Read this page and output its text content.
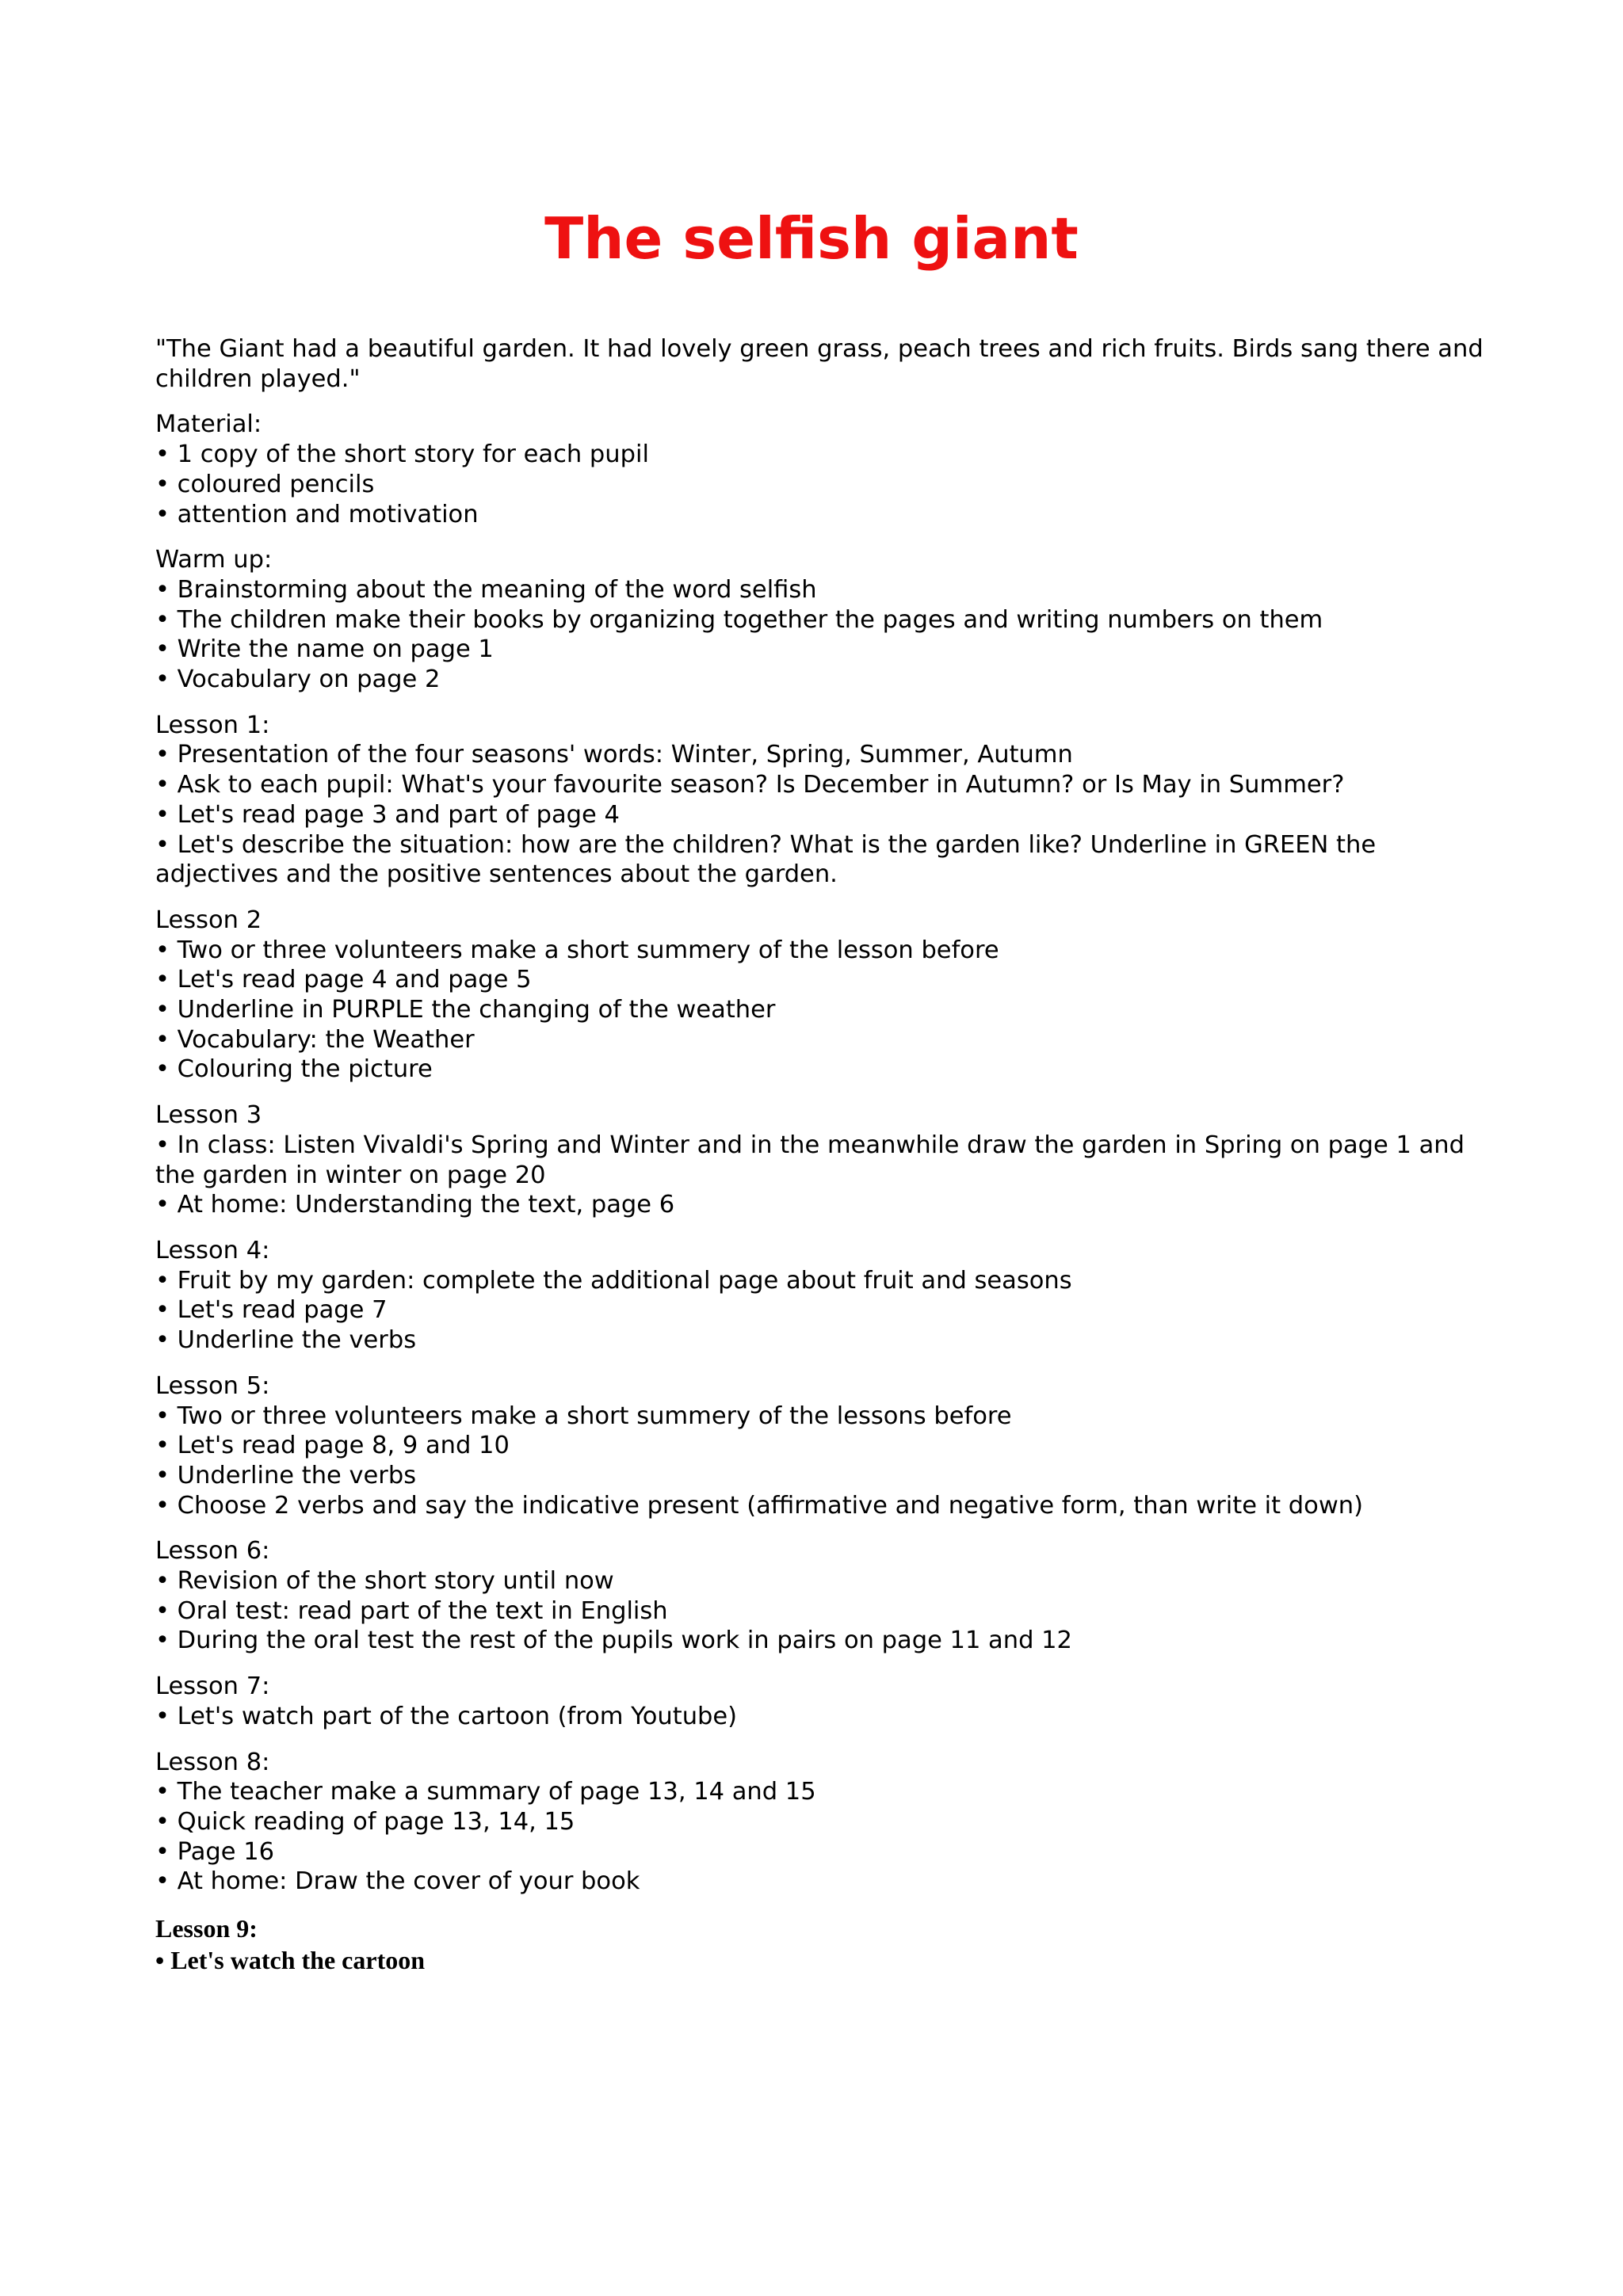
The selfish giant

"The Giant had a beautiful garden. It had lovely green grass, peach trees and rich fruits. Birds sang there and children played."

Material:
• 1 copy of the short story for each pupil
• coloured pencils
• attention and motivation
Warm up:
• Brainstorming about the meaning of the word selfish
• The children make their books by organizing together the pages and writing numbers on them
• Write the name on page 1
• Vocabulary on page 2
Lesson 1:
• Presentation of the four seasons' words: Winter, Spring, Summer, Autumn
• Ask to each pupil: What's your favourite season? Is December in Autumn? or Is May in Summer?
• Let's read page 3 and part of page 4
• Let's describe the situation: how are the children? What is the garden like? Underline in GREEN the adjectives and the positive sentences about the garden.
Lesson 2
• Two or three volunteers make a short summery of the lesson before
• Let's read page 4 and page 5
• Underline in PURPLE the changing of the weather
• Vocabulary: the Weather
• Colouring the picture
Lesson 3
• In class: Listen Vivaldi's Spring and Winter and in the meanwhile draw the garden in Spring on page 1 and the garden in winter on page 20
• At home: Understanding the text, page 6
Lesson 4:
• Fruit by my garden: complete the additional page about fruit and seasons
• Let's read page 7
• Underline the verbs
Lesson 5:
• Two or three volunteers make a short summery of the lessons before
• Let's read page 8, 9 and 10
• Underline the verbs
• Choose 2 verbs and say the indicative present (affirmative and negative form, than write it down)
Lesson 6:
• Revision of the short story until now
• Oral test: read part of the text in English
• During the oral test the rest of the pupils work in pairs on page 11 and 12
Lesson 7:
• Let's watch part of the cartoon (from Youtube)
Lesson 8:
• The teacher make a summary of page 13, 14 and 15
• Quick reading of page 13, 14, 15
• Page 16
• At home: Draw the cover of your book
Lesson 9:
• Let's watch the cartoon
